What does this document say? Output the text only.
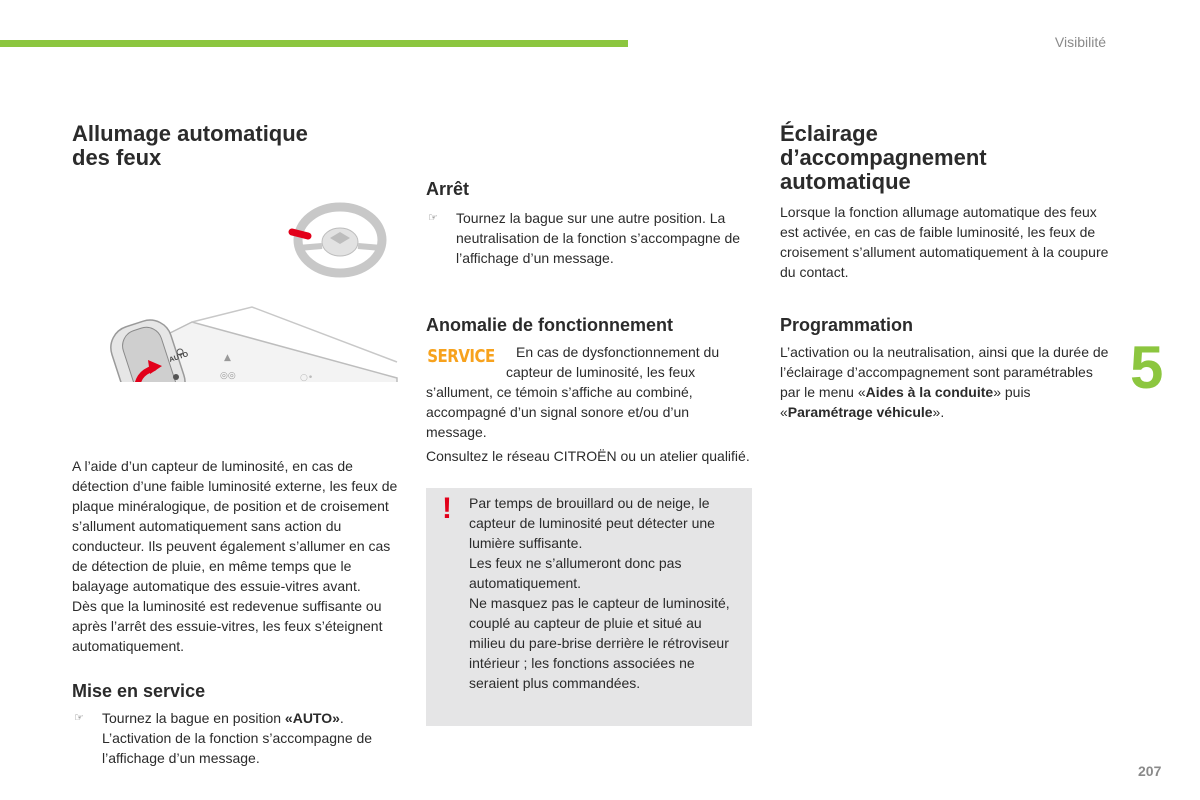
Visibilité
5
207
Allumage automatique
des feux
AUTO	▲
◎◎	○•

A l’aide d’un capteur de luminosité, en cas de détection d’une faible luminosité externe, les feux de plaque minéralogique, de position et de croisement s’allument automatiquement sans action du conducteur. Ils peuvent également s’allumer en cas de détection de pluie, en même temps que le balayage automatique des essuie-vitres avant.

Dès que la luminosité est redevenue suffisante ou après l’arrêt des essuie-vitres, les feux s’éteignent automatiquement.

Mise en service
☞	Tournez la bague en position «AUTO».
L’activation de la fonction s’accompagne de l’affichage d’un message.
Arrêt
☞	Tournez la bague sur une autre position. La neutralisation de la fonction s’accompagne de l’affichage d’un message.
Anomalie de fonctionnement
SERVICE	En cas de dysfonctionnement du capteur de luminosité, les feux s’allument, ce témoin s’affiche au combiné, accompagné d’un signal sonore et/ou d’un message.

Consultez le réseau CITROËN ou un atelier qualifié.

! Par temps de brouillard ou de neige, le capteur de luminosité peut détecter une lumière suffisante.
Les feux ne s’allumeront donc pas automatiquement.
Ne masquez pas le capteur de luminosité, couplé au capteur de pluie et situé au milieu du pare-brise derrière le rétroviseur intérieur ; les fonctions associées ne seraient plus commandées.
Éclairage
d’accompagnement
automatique

Lorsque la fonction allumage automatique des feux est activée, en cas de faible luminosité, les feux de croisement s’allument automatiquement à la coupure du contact.

Programmation

L’activation ou la neutralisation, ainsi que la durée de l’éclairage d’accompagnement sont paramétrables par le menu «Aides à la conduite» puis «Paramétrage véhicule».
